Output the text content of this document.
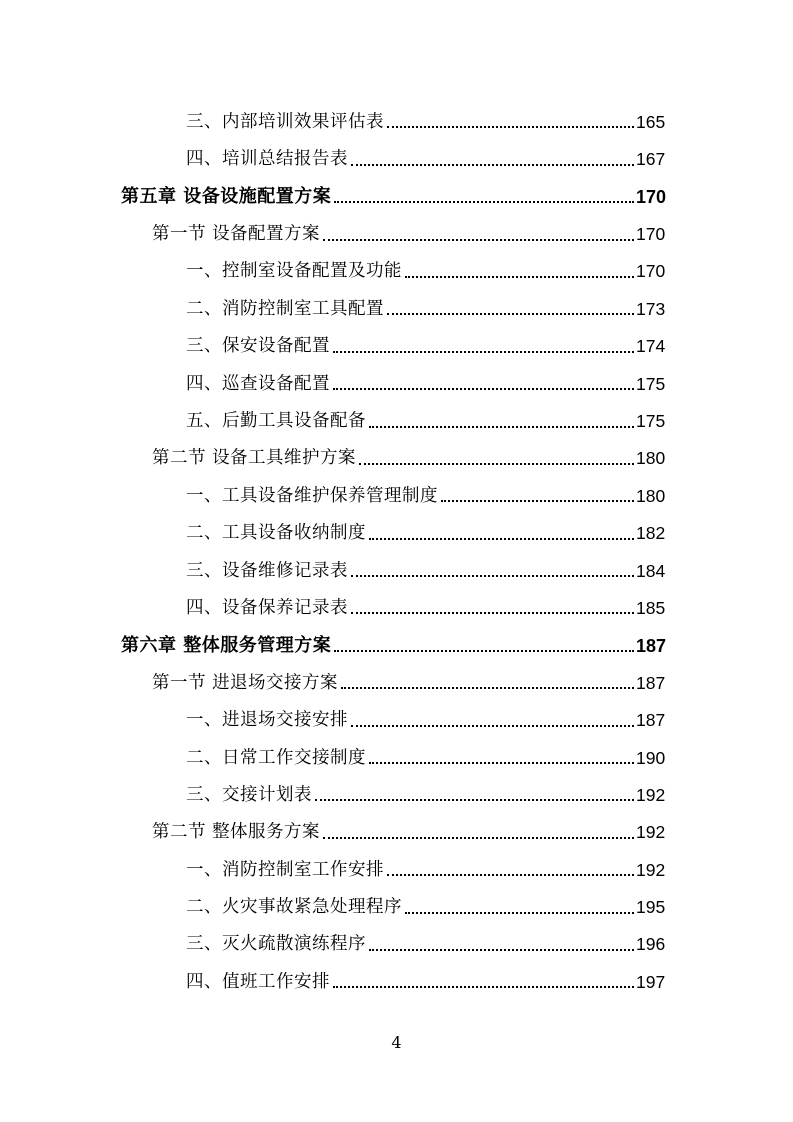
三、内部培训效果评估表	165
四、培训总结报告表	167
第五章 设备设施配置方案	170
第一节 设备配置方案	170
一、控制室设备配置及功能	170
二、消防控制室工具配置	173
三、保安设备配置	174
四、巡查设备配置	175
五、后勤工具设备配备	175
第二节 设备工具维护方案	180
一、工具设备维护保养管理制度	180
二、工具设备收纳制度	182
三、设备维修记录表	184
四、设备保养记录表	185
第六章 整体服务管理方案	187
第一节 进退场交接方案	187
一、进退场交接安排	187
二、日常工作交接制度	190
三、交接计划表	192
第二节 整体服务方案	192
一、消防控制室工作安排	192
二、火灾事故紧急处理程序	195
三、灭火疏散演练程序	196
四、值班工作安排	197
4
